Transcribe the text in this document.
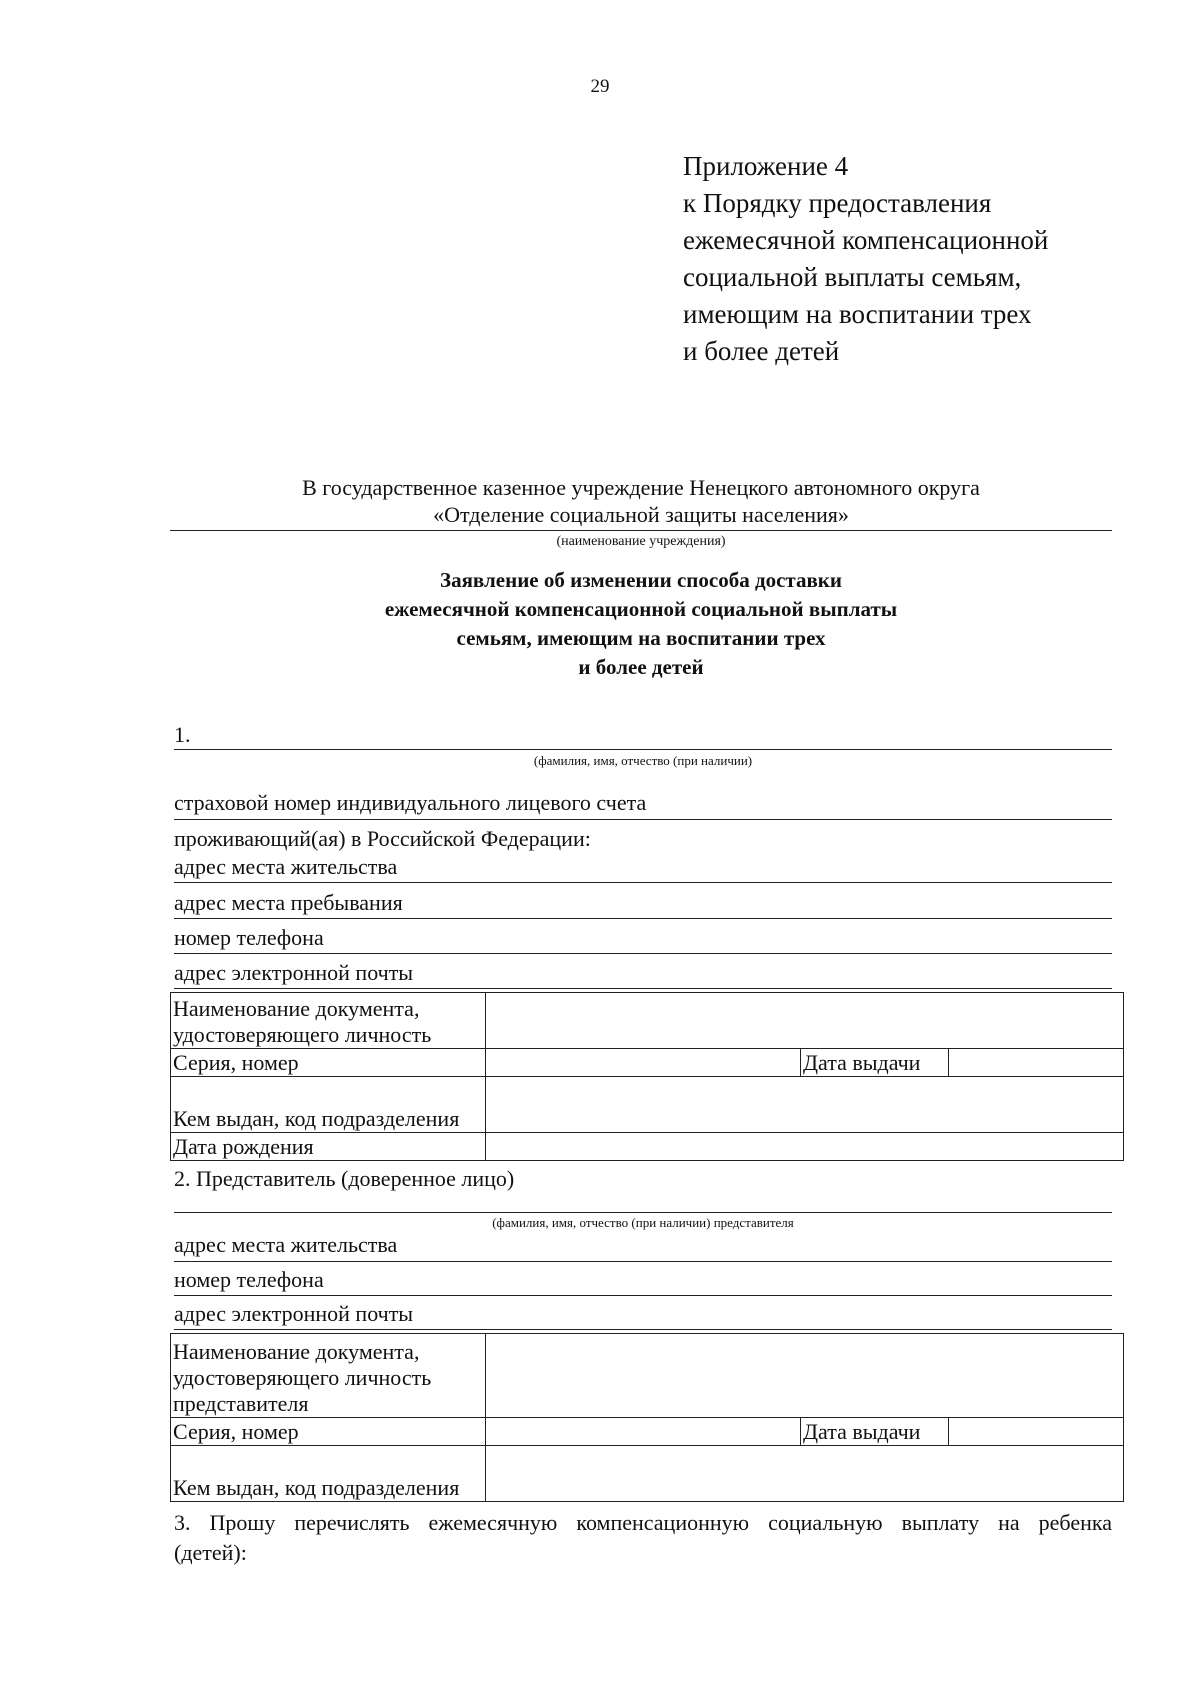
29
Приложение 4
к Порядку предоставления
ежемесячной компенсационной
социальной выплаты семьям,
имеющим на воспитании трех
и более детей
В государственное казенное учреждение Ненецкого автономного округа
«Отделение социальной защиты населения»
(наименование учреждения)
Заявление об изменении способа доставки
ежемесячной компенсационной социальной выплаты
семьям, имеющим на воспитании трех
и более детей
1.
(фамилия, имя, отчество (при наличии)
страховой номер индивидуального лицевого счета
проживающий(ая) в Российской Федерации:
адрес места жительства
адрес места пребывания
номер телефона
адрес электронной почты
Наименование документа, удостоверяющего личность			
Серия, номер		Дата выдачи	
Кем выдан, код подразделения			
Дата рождения			
2. Представитель (доверенное лицо)
(фамилия, имя, отчество (при наличии) представителя
адрес места жительства
номер телефона
адрес электронной почты
Наименование документа, удостоверяющего личность представителя			
Серия, номер		Дата выдачи	
Кем выдан, код подразделения			
3. Прошу перечислять ежемесячную компенсационную социальную выплату на ребенка
(детей):
